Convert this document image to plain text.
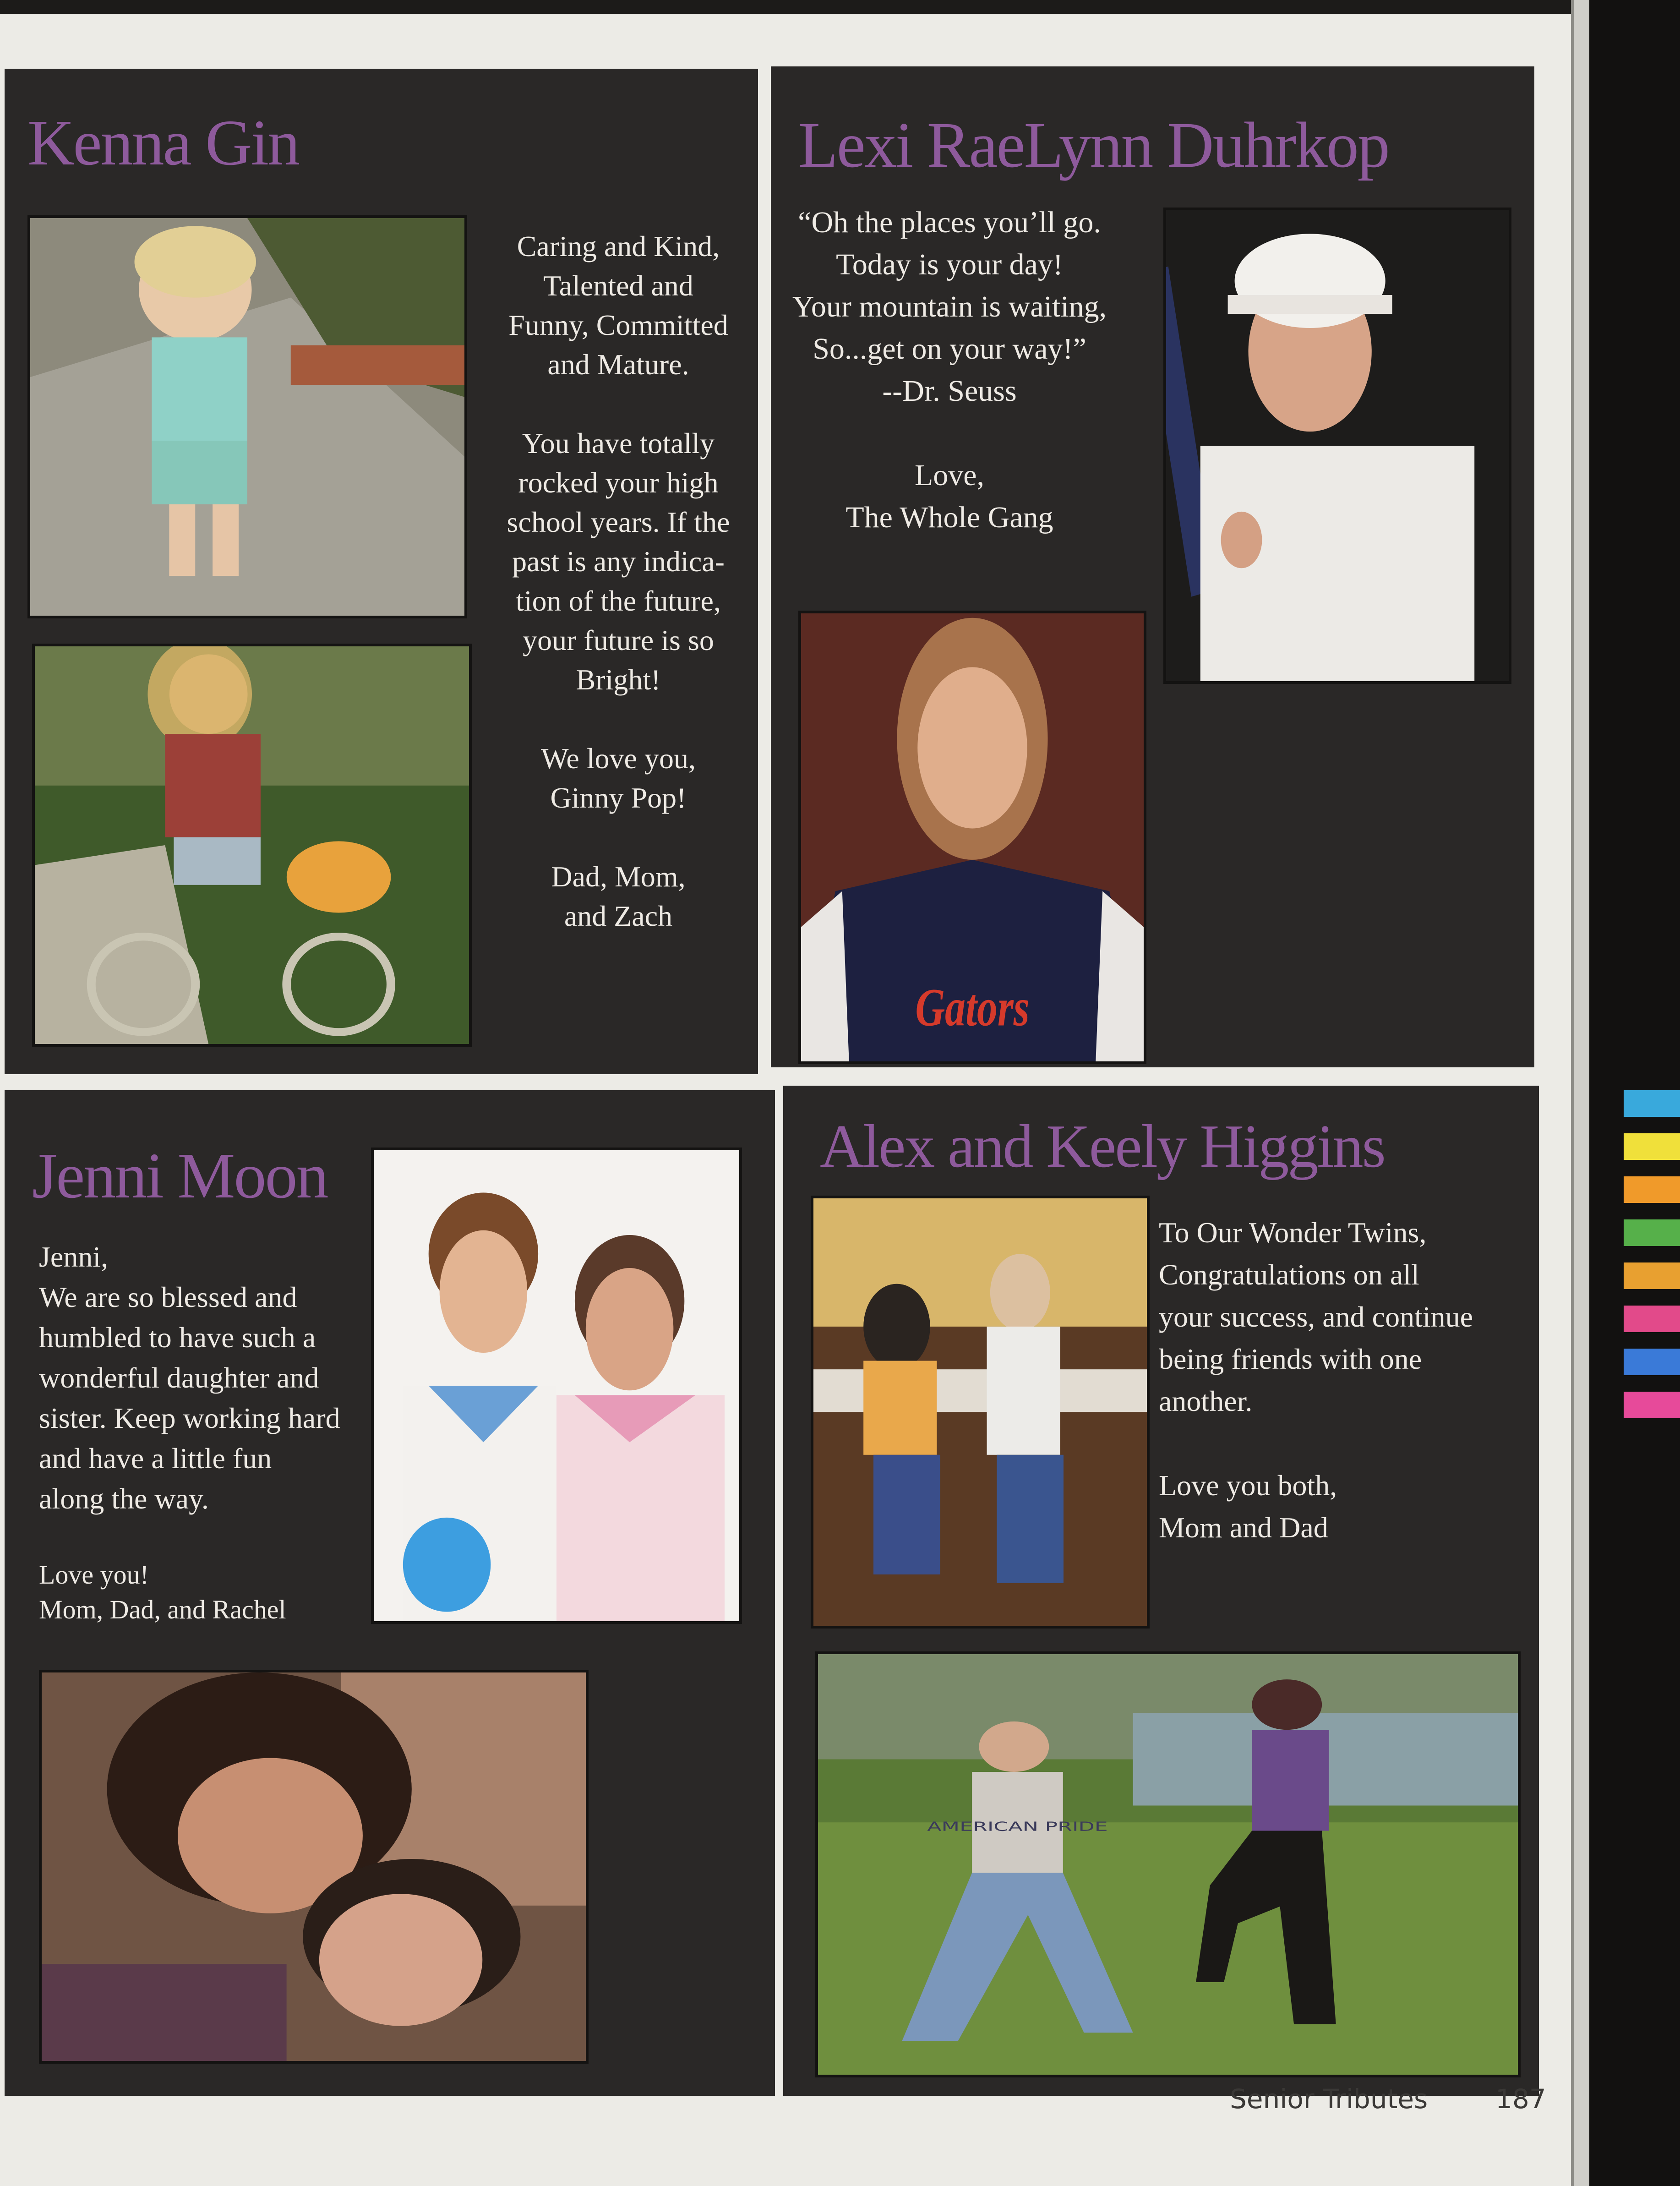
Kenna Gin
Caring and Kind,
Talented and
Funny, Committed
and Mature.

You have totally
rocked your high
school years. If the
past is any indica-
tion of the future,
your future is so
Bright!

We love you,
Ginny Pop!

Dad, Mom,
and Zach
Lexi RaeLynn Duhrkop
“Oh the places you’ll go.
Today is your day!
Your mountain is waiting,
So...get on your way!”
--Dr. Seuss

Love,
The Whole Gang
Gators
Jenni Moon
Jenni,
We are so blessed and
humbled to have such a
wonderful daughter and
sister. Keep working hard
and have a little fun
along the way.
Love you!
Mom, Dad, and Rachel
Alex and Keely Higgins
To Our Wonder Twins,
Congratulations on all
your success, and continue
being friends with one
another.

Love you both,
Mom and Dad
AMERICAN PRIDE
Senior Tributes	187
